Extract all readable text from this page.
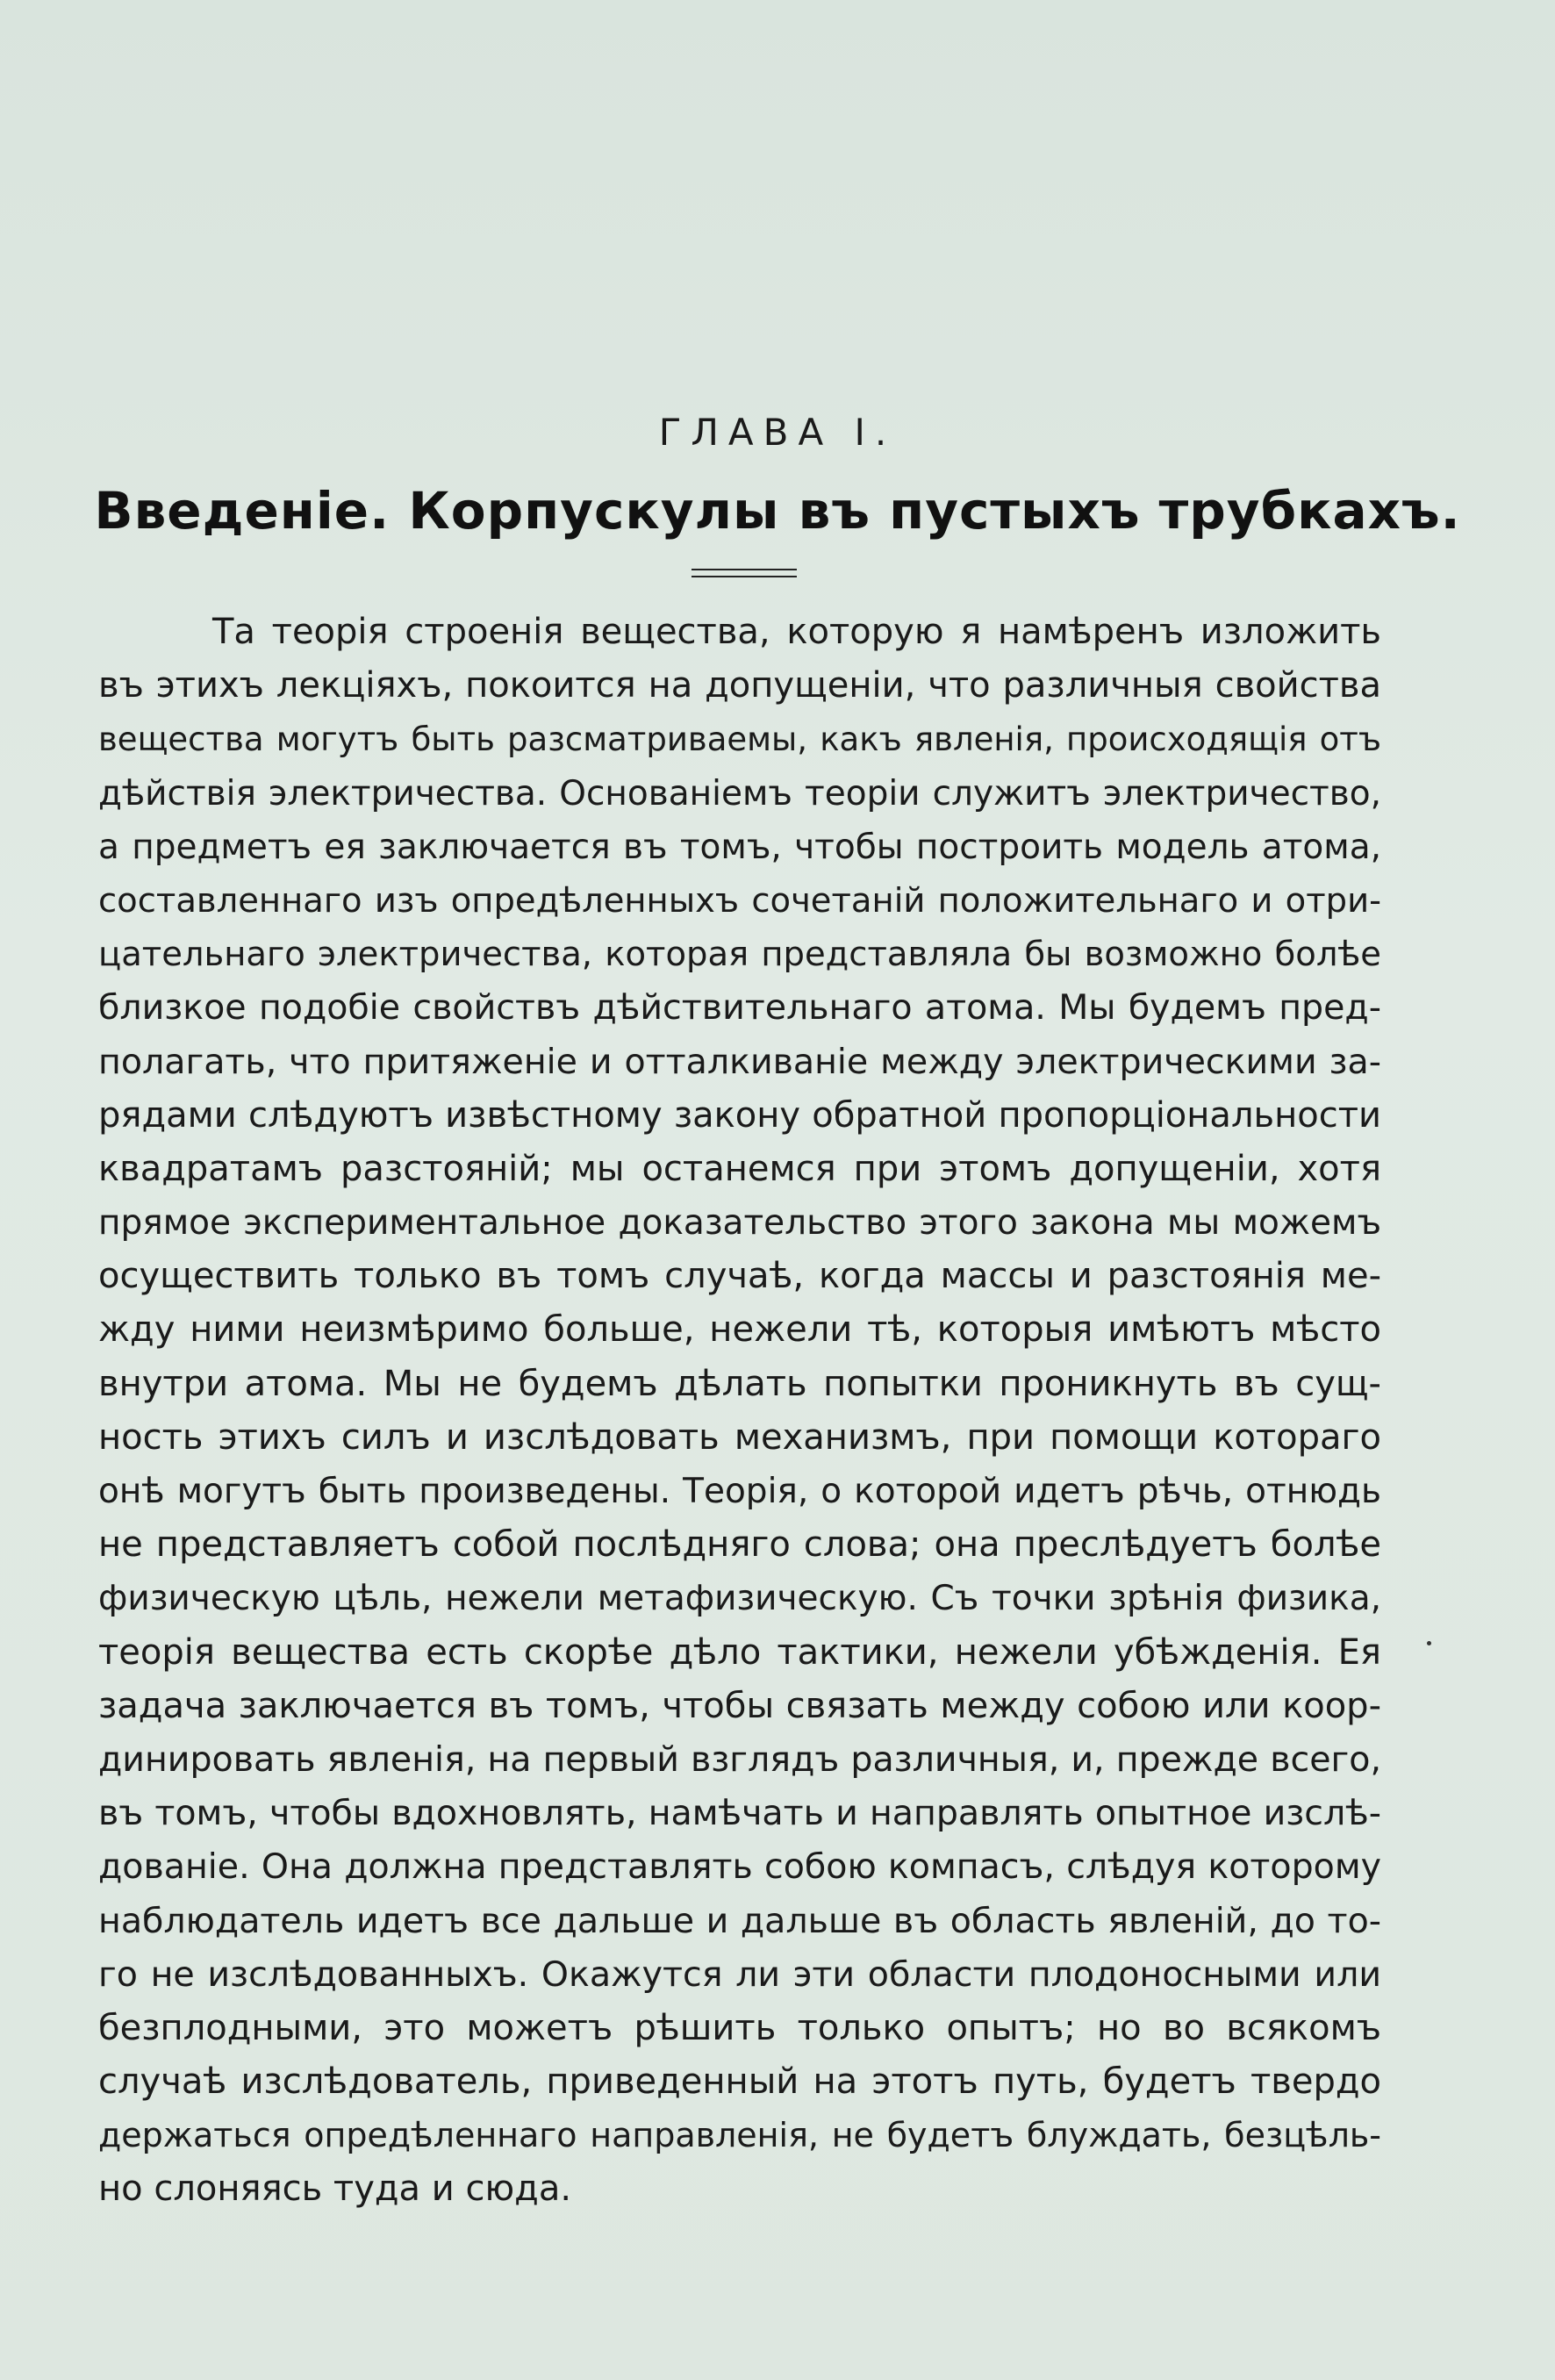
ГЛАВА I.
Введеніе. Корпускулы въ пустыхъ трубкахъ.
Та теорія строенія вещества, которую я намѣренъ изложить
въ этихъ лекціяхъ, покоится на допущеніи, что различныя свойства
вещества могутъ быть разсматриваемы, какъ явленія, происходящія отъ
дѣйствія электричества. Основаніемъ теоріи служитъ электричество,
а предметъ ея заключается въ томъ, чтобы построить модель атома,
составленнаго изъ опредѣленныхъ сочетаній положительнаго и отри-
цательнаго электричества, которая представляла бы возможно болѣе
близкое подобіе свойствъ дѣйствительнаго атома. Мы будемъ пред-
полагать, что притяженіе и отталкиваніе между электрическими за-
рядами слѣдуютъ извѣстному закону обратной пропорціональности
квадратамъ разстояній; мы останемся при этомъ допущеніи, хотя
прямое экспериментальное доказательство этого закона мы можемъ
осуществить только въ томъ случаѣ, когда массы и разстоянія ме-
жду ними неизмѣримо больше, нежели тѣ, которыя имѣютъ мѣсто
внутри атома. Мы не будемъ дѣлать попытки проникнуть въ сущ-
ность этихъ силъ и изслѣдовать механизмъ, при помощи котораго
онѣ могутъ быть произведены. Теорія, о которой идетъ рѣчь, отнюдь
не представляетъ собой послѣдняго слова; она преслѣдуетъ болѣе
физическую цѣль, нежели метафизическую. Съ точки зрѣнія физика,
теорія вещества есть скорѣе дѣло тактики, нежели убѣжденія. Ея
задача заключается въ томъ, чтобы связать между собою или коор-
динировать явленія, на первый взглядъ различныя, и, прежде всего,
въ томъ, чтобы вдохновлять, намѣчать и направлять опытное изслѣ-
дованіе. Она должна представлять собою компасъ, слѣдуя которому
наблюдатель идетъ все дальше и дальше въ область явленій, до то-
го не изслѣдованныхъ. Окажутся ли эти области плодоносными или
безплодными, это можетъ рѣшить только опытъ; но во всякомъ
случаѣ изслѣдователь, приведенный на этотъ путь, будетъ твердо
держаться опредѣленнаго направленія, не будетъ блуждать, безцѣль-
но слоняясь туда и сюда.
